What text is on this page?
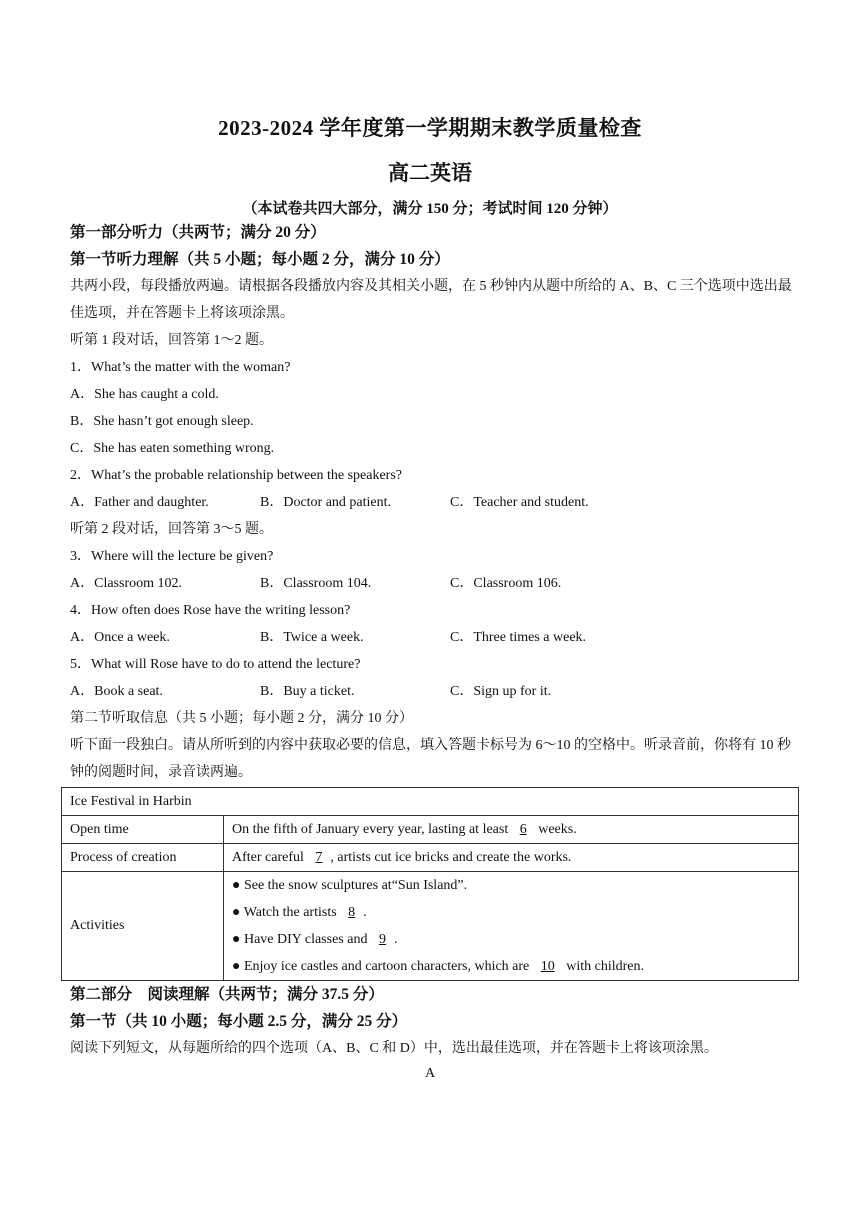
2023-2024 学年度第一学期期末教学质量检查
高二英语
（本试卷共四大部分，满分 150 分；考试时间 120 分钟）
第一部分听力（共两节；满分 20 分）
第一节听力理解（共 5 小题；每小题 2 分，满分 10 分）
共两小段，每段播放两遍。请根据各段播放内容及其相关小题，在 5 秒钟内从题中所给的 A、B、C 三个选项中选出最佳选项，并在答题卡上将该项涂黑。
听第 1 段对话，回答第 1～2 题。
1．What’s the matter with the woman?
A．She has caught a cold.
B．She hasn’t got enough sleep.
C．She has eaten something wrong.
2．What’s the probable relationship between the speakers?
A．Father and daughter.	B．Doctor and patient.	C．Teacher and student.
听第 2 段对话，回答第 3～5 题。
3．Where will the lecture be given?
A．Classroom 102.	B．Classroom 104.	C．Classroom 106.
4．How often does Rose have the writing lesson?
A．Once a week.	B．Twice a week.	C．Three times a week.
5．What will Rose have to do to attend the lecture?
A．Book a seat.	B．Buy a ticket.	C．Sign up for it.
第二节听取信息（共 5 小题；每小题 2 分，满分 10 分）
听下面一段独白。请从所听到的内容中获取必要的信息，填入答题卡标号为 6～10 的空格中。听录音前，你将有 10 秒钟的阅题时间，录音读两遍。
Ice Festival in Harbin	
Open time	On the fifth of January every year, lasting at least 6 weeks.
Process of creation	After careful 7 , artists cut ice bricks and create the works.
Activities	● See the snow sculptures at“Sun Island”.
● Watch the artists 8 .
● Have DIY classes and 9 .
● Enjoy ice castles and cartoon characters, which are 10 with children.
第二部分　阅读理解（共两节；满分 37.5 分）
第一节（共 10 小题；每小题 2.5 分，满分 25 分）
阅读下列短文，从每题所给的四个选项（A、B、C 和 D）中，选出最佳选项，并在答题卡上将该项涂黑。
A
